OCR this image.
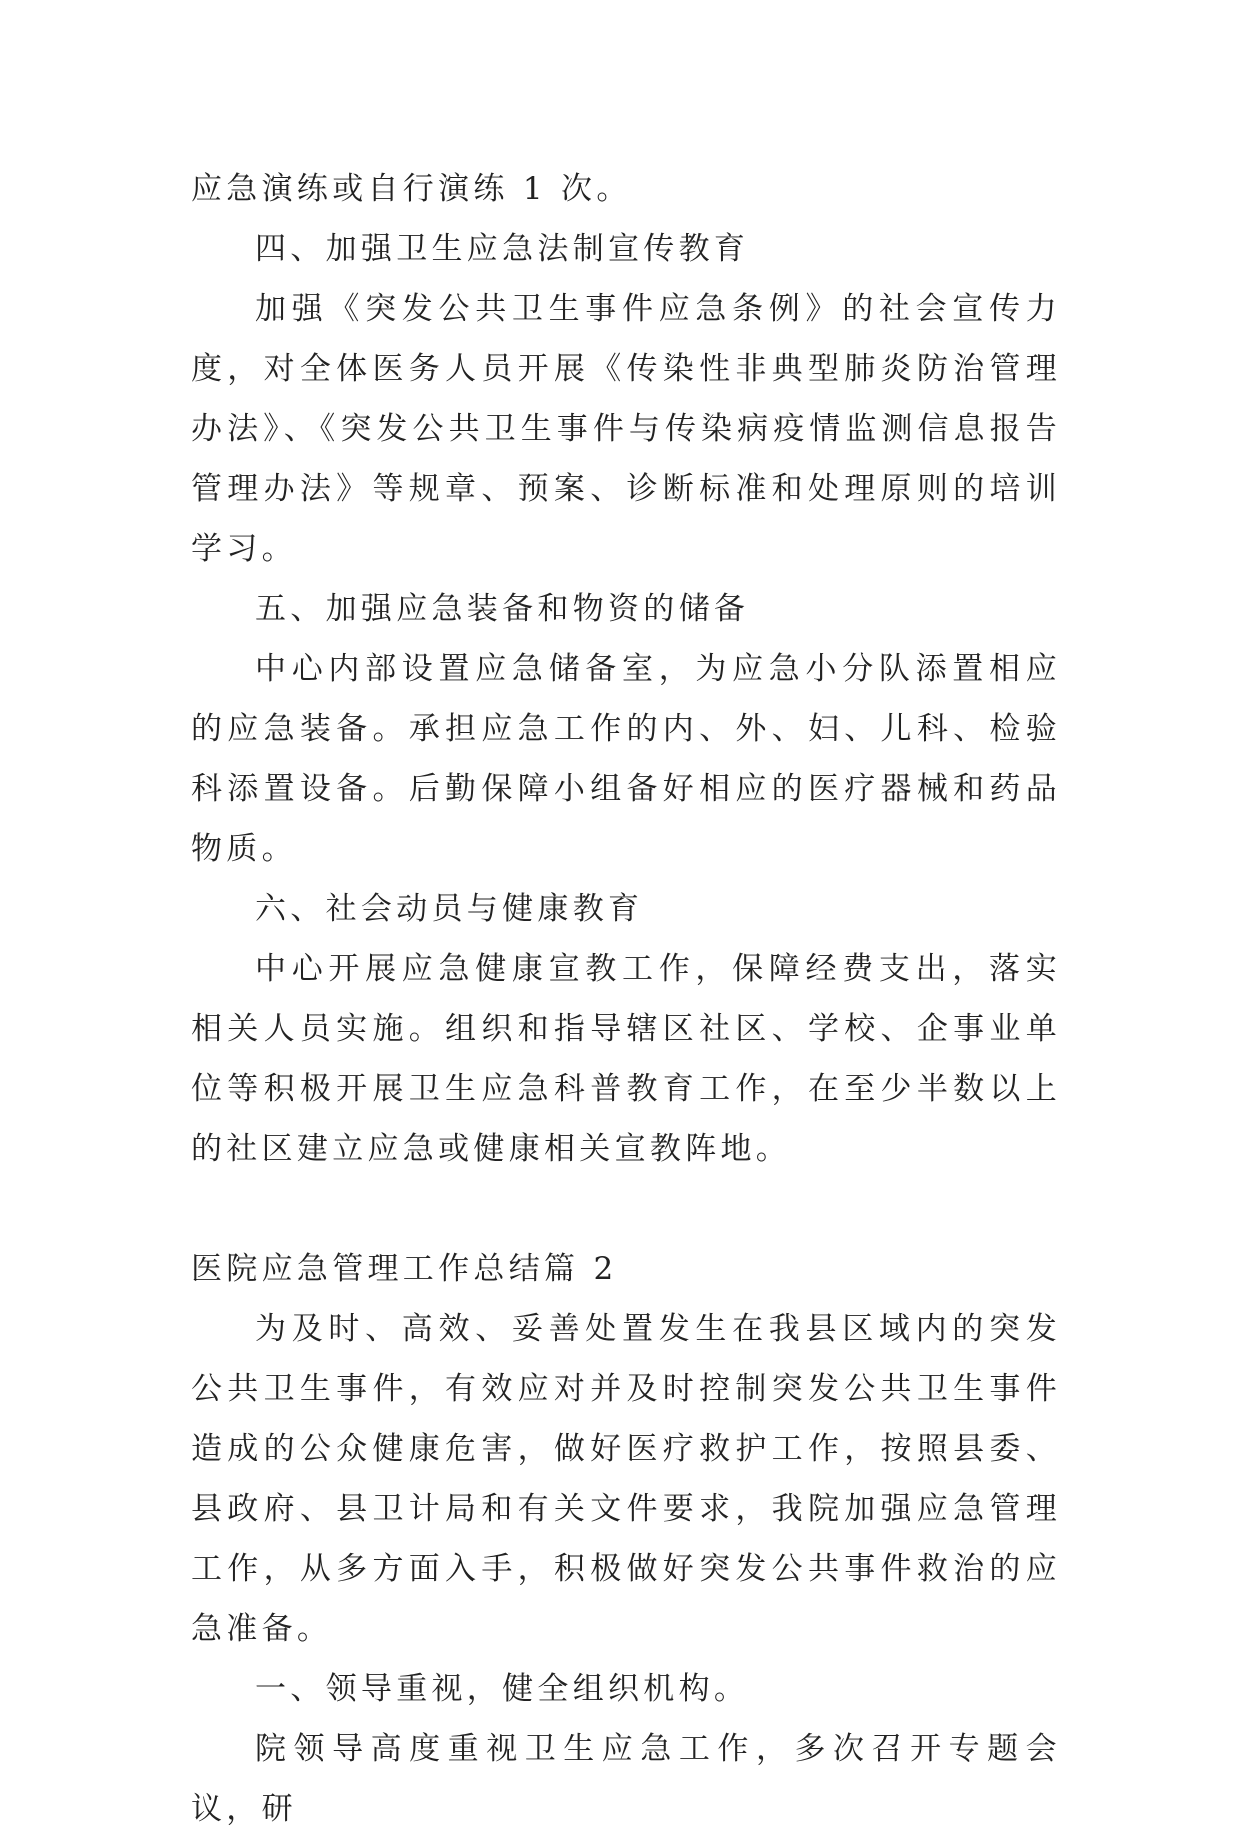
应急演练或自行演练 1 次。

四、加强卫生应急法制宣传教育

加强《突发公共卫生事件应急条例》的社会宣传力度，对全体医务人员开展《传染性非典型肺炎防治管理办法》、《突发公共卫生事件与传染病疫情监测信息报告管理办法》等规章、预案、诊断标准和处理原则的培训学习。

五、加强应急装备和物资的储备

中心内部设置应急储备室，为应急小分队添置相应的应急装备。承担应急工作的内、外、妇、儿科、检验科添置设备。后勤保障小组备好相应的医疗器械和药品物质。

六、社会动员与健康教育

中心开展应急健康宣教工作，保障经费支出，落实相关人员实施。组织和指导辖区社区、学校、企事业单位等积极开展卫生应急科普教育工作，在至少半数以上的社区建立应急或健康相关宣教阵地。

医院应急管理工作总结篇 2

为及时、高效、妥善处置发生在我县区域内的突发公共卫生事件，有效应对并及时控制突发公共卫生事件造成的公众健康危害，做好医疗救护工作，按照县委、县政府、县卫计局和有关文件要求，我院加强应急管理工作，从多方面入手，积极做好突发公共事件救治的应急准备。

一、领导重视，健全组织机构。

院领导高度重视卫生应急工作，多次召开专题会议，研
